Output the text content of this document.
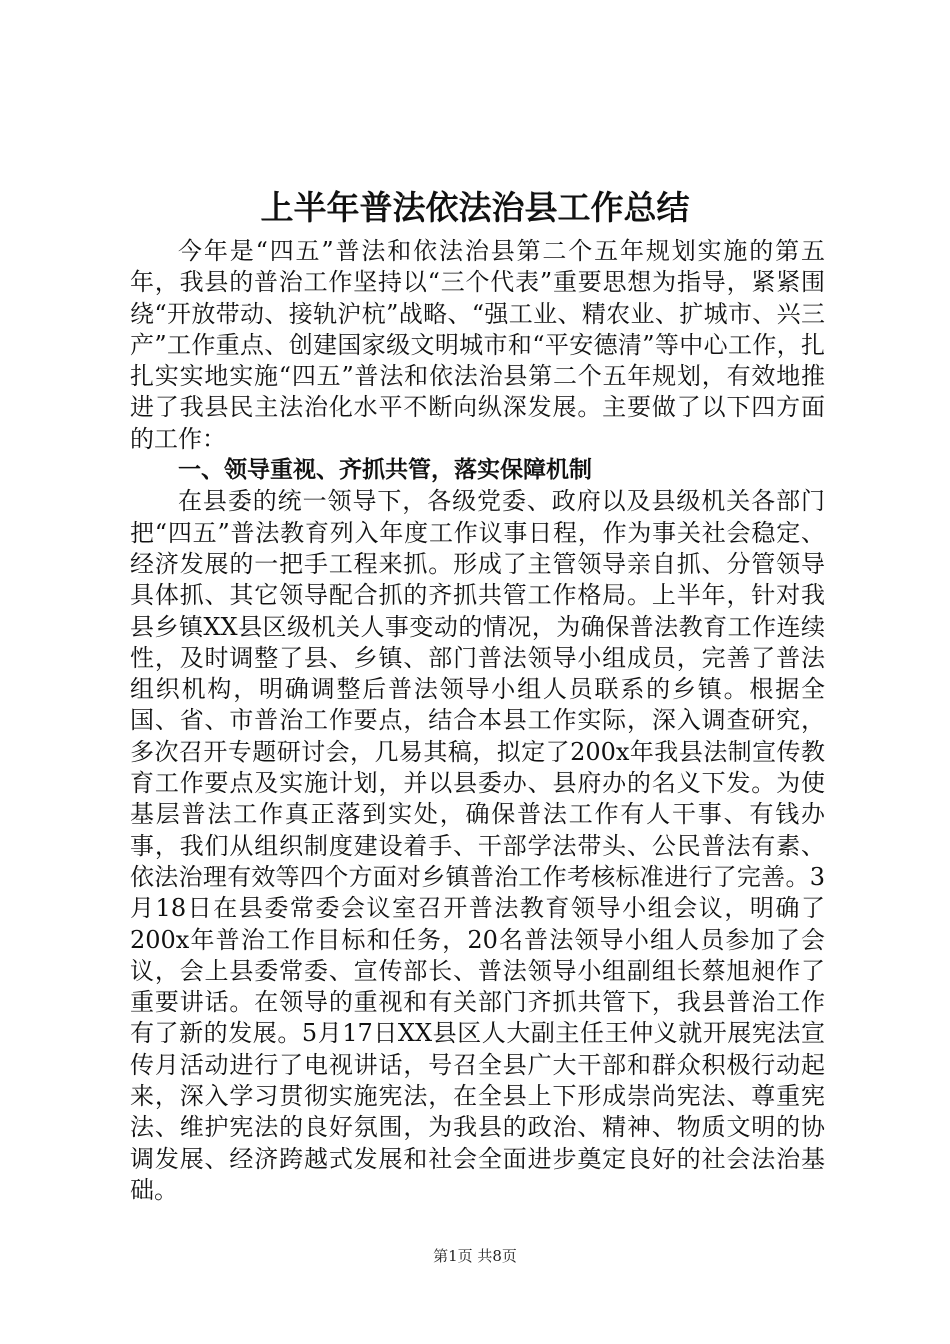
上半年普法依法治县工作总结

今年是“四五”普法和依法治县第二个五年规划实施的第五年，我县的普治工作坚持以“三个代表”重要思想为指导，紧紧围绕“开放带动、接轨沪杭”战略、“强工业、精农业、扩城市、兴三产”工作重点、创建国家级文明城市和“平安德清”等中心工作，扎扎实实地实施“四五”普法和依法治县第二个五年规划，有效地推进了我县民主法治化水平不断向纵深发展。主要做了以下四方面的工作：

一、领导重视、齐抓共管，落实保障机制

在县委的统一领导下，各级党委、政府以及县级机关各部门把“四五”普法教育列入年度工作议事日程，作为事关社会稳定、经济发展的一把手工程来抓。形成了主管领导亲自抓、分管领导具体抓、其它领导配合抓的齐抓共管工作格局。上半年，针对我县乡镇XX县区级机关人事变动的情况，为确保普法教育工作连续性，及时调整了县、乡镇、部门普法领导小组成员，完善了普法组织机构，明确调整后普法领导小组人员联系的乡镇。根据全国、省、市普治工作要点，结合本县工作实际，深入调查研究，多次召开专题研讨会，几易其稿，拟定了200x年我县法制宣传教育工作要点及实施计划，并以县委办、县府办的名义下发。为使基层普法工作真正落到实处，确保普法工作有人干事、有钱办事，我们从组织制度建设着手、干部学法带头、公民普法有素、依法治理有效等四个方面对乡镇普治工作考核标准进行了完善。3月18日在县委常委会议室召开普法教育领导小组会议，明确了200x年普治工作目标和任务，20名普法领导小组人员参加了会议，会上县委常委、宣传部长、普法领导小组副组长蔡旭昶作了重要讲话。在领导的重视和有关部门齐抓共管下，我县普治工作有了新的发展。5月17日XX县区人大副主任王仲义就开展宪法宣传月活动进行了电视讲话，号召全县广大干部和群众积极行动起来，深入学习贯彻实施宪法，在全县上下形成崇尚宪法、尊重宪法、维护宪法的良好氛围，为我县的政治、精神、物质文明的协调发展、经济跨越式发展和社会全面进步奠定良好的社会法治基础。

第1页 共8页
